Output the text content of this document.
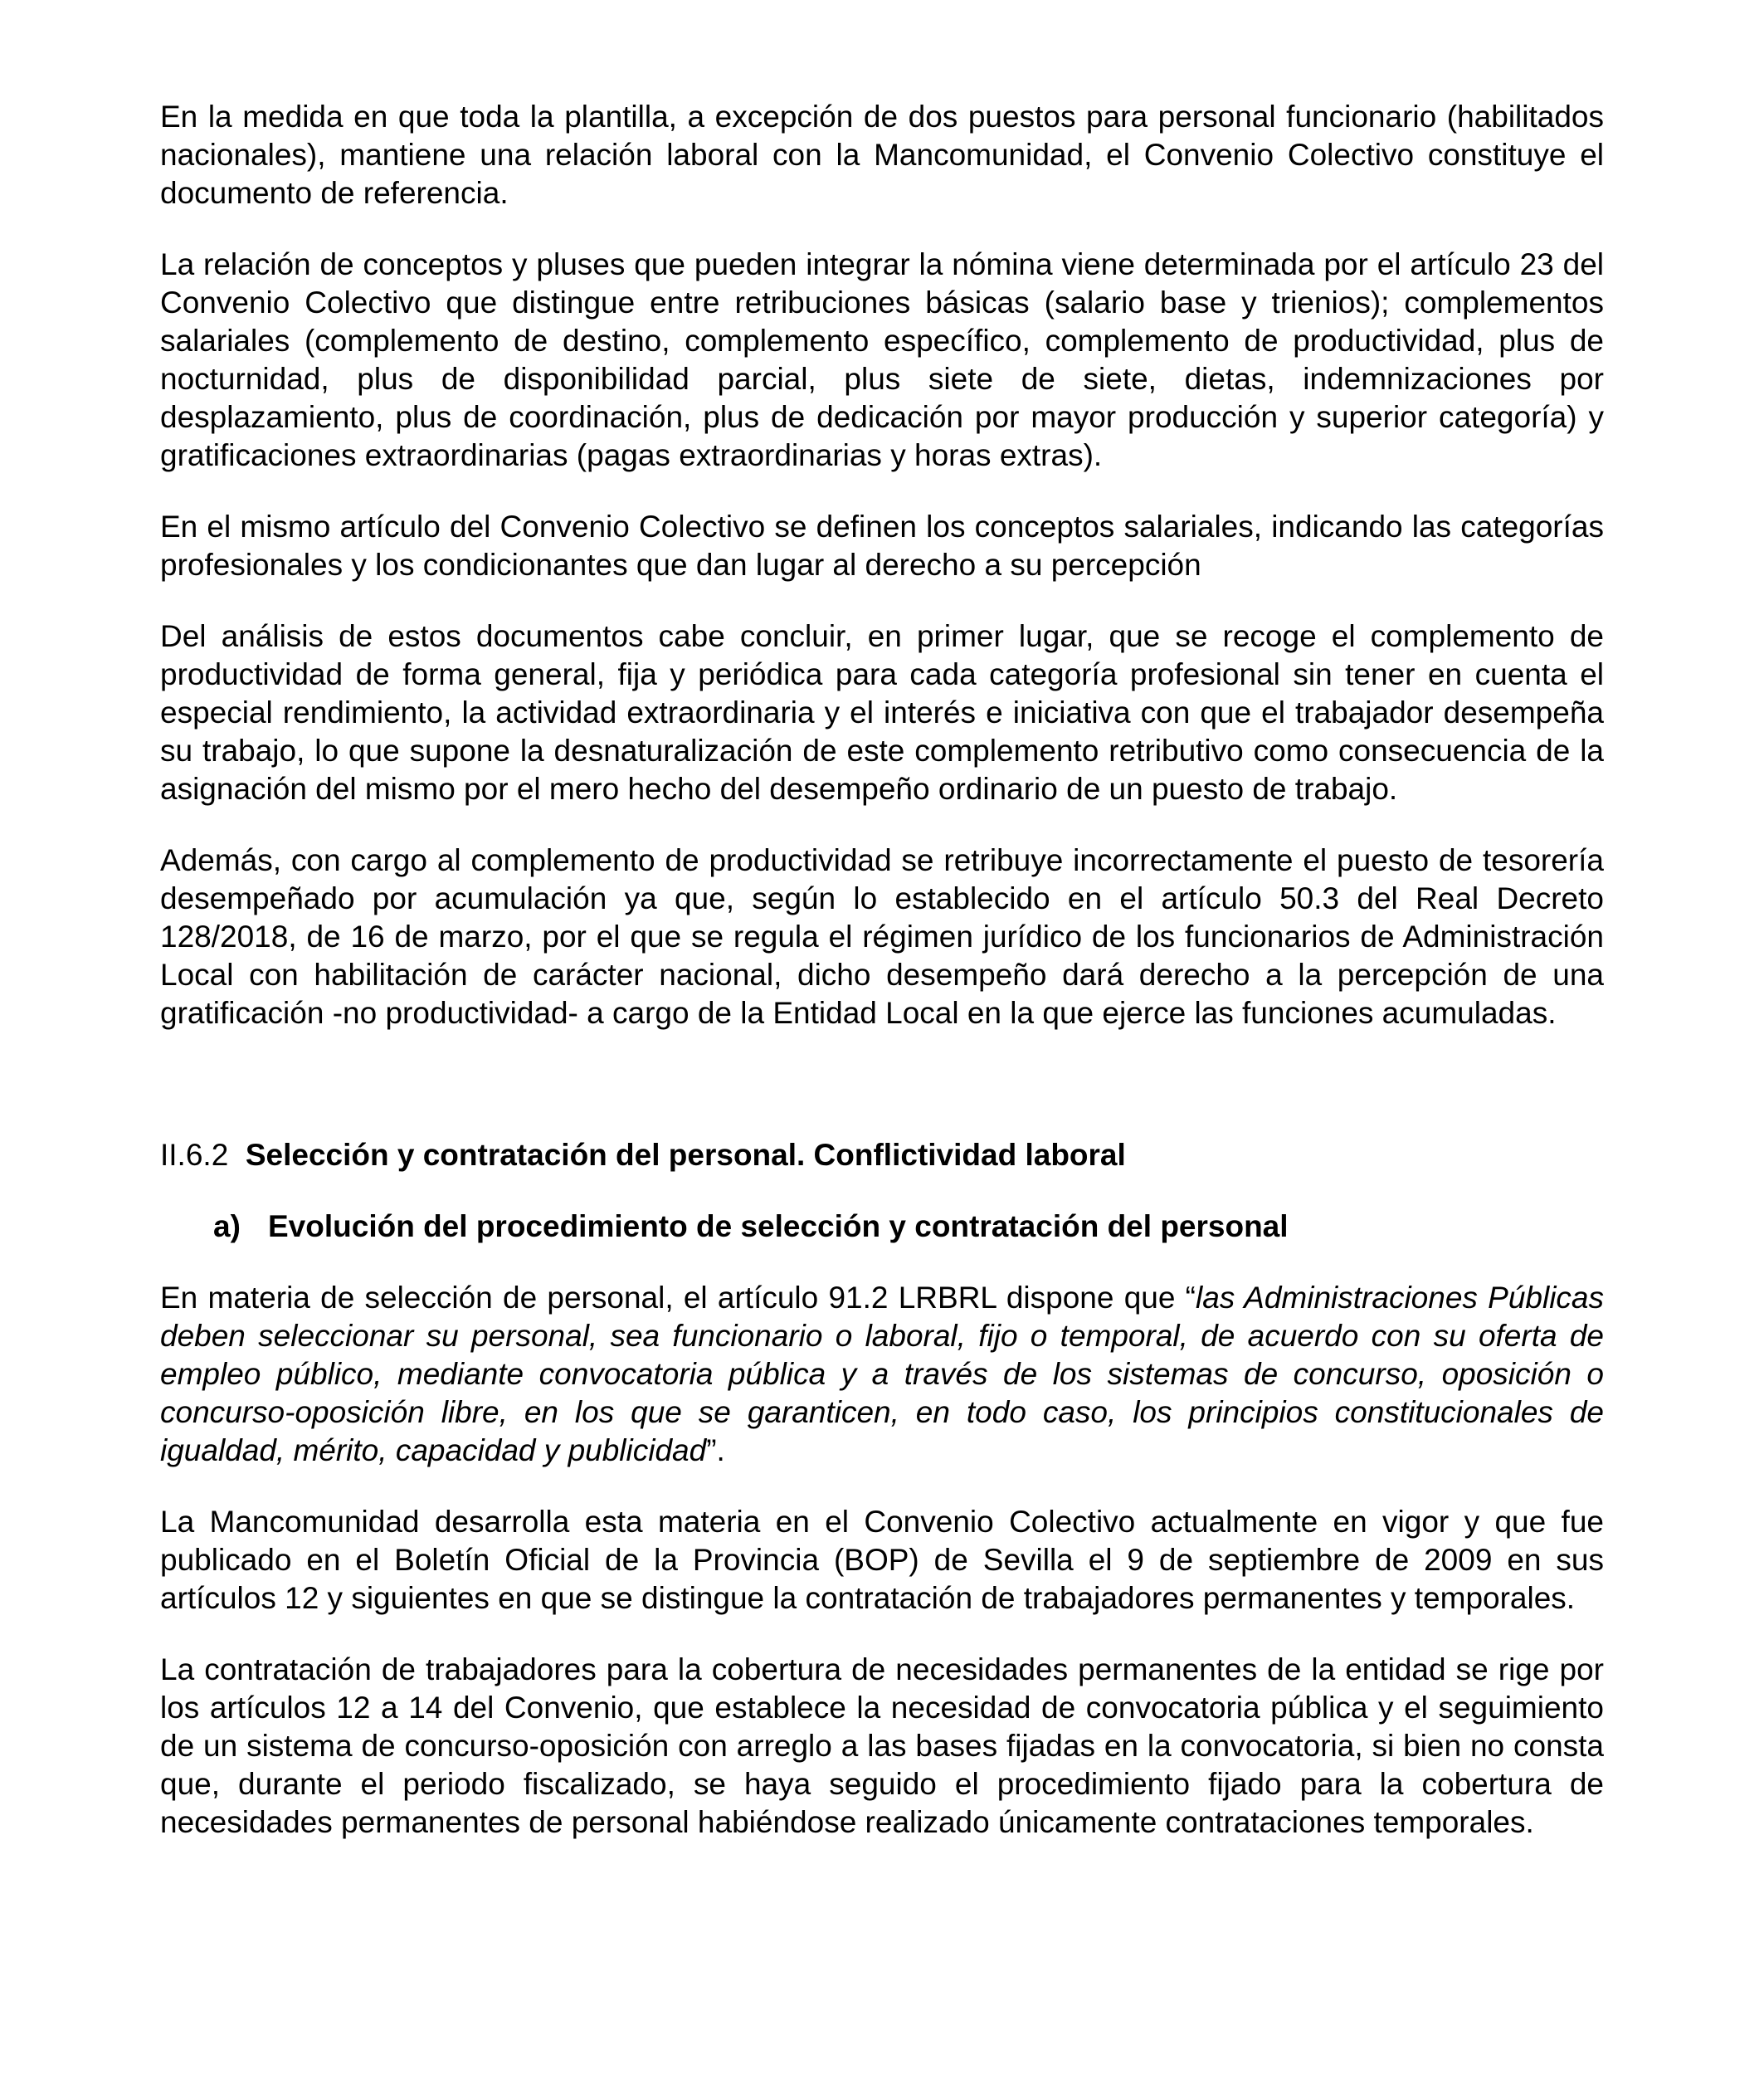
En la medida en que toda la plantilla, a excepción de dos puestos para personal funcionario (habilitados nacionales), mantiene una relación laboral con la Mancomunidad, el Convenio Colectivo constituye el documento de referencia.

La relación de conceptos y pluses que pueden integrar la nómina viene determinada por el artículo 23 del Convenio Colectivo que distingue entre retribuciones básicas (salario base y trienios); complementos salariales (complemento de destino, complemento específico, complemento de productividad, plus de nocturnidad, plus de disponibilidad parcial, plus siete de siete, dietas, indemnizaciones por desplazamiento, plus de coordinación, plus de dedicación por mayor producción y superior categoría) y gratificaciones extraordinarias (pagas extraordinarias y horas extras).

En el mismo artículo del Convenio Colectivo se definen los conceptos salariales, indicando las categorías profesionales y los condicionantes que dan lugar al derecho a su percepción

Del análisis de estos documentos cabe concluir, en primer lugar, que se recoge el complemento de productividad de forma general, fija y periódica para cada categoría profesional sin tener en cuenta el especial rendimiento, la actividad extraordinaria y el interés e iniciativa con que el trabajador desempeña su trabajo, lo que supone la desnaturalización de este complemento retributivo como consecuencia de la asignación del mismo por el mero hecho del desempeño ordinario de un puesto de trabajo.

Además, con cargo al complemento de productividad se retribuye incorrectamente el puesto de tesorería desempeñado por acumulación ya que, según lo establecido en el artículo 50.3 del Real Decreto 128/2018, de 16 de marzo, por el que se regula el régimen jurídico de los funcionarios de Administración Local con habilitación de carácter nacional, dicho desempeño dará derecho a la percepción de una gratificación -no productividad- a cargo de la Entidad Local en la que ejerce las funciones acumuladas.

II.6.2 Selección y contratación del personal. Conflictividad laboral
a) Evolución del procedimiento de selección y contratación del personal

En materia de selección de personal, el artículo 91.2 LRBRL dispone que “las Administraciones Públicas deben seleccionar su personal, sea funcionario o laboral, fijo o temporal, de acuerdo con su oferta de empleo público, mediante convocatoria pública y a través de los sistemas de concurso, oposición o concurso-oposición libre, en los que se garanticen, en todo caso, los principios constitucionales de igualdad, mérito, capacidad y publicidad”.

La Mancomunidad desarrolla esta materia en el Convenio Colectivo actualmente en vigor y que fue publicado en el Boletín Oficial de la Provincia (BOP) de Sevilla el 9 de septiembre de 2009 en sus artículos 12 y siguientes en que se distingue la contratación de trabajadores permanentes y temporales.

La contratación de trabajadores para la cobertura de necesidades permanentes de la entidad se rige por los artículos 12 a 14 del Convenio, que establece la necesidad de convocatoria pública y el seguimiento de un sistema de concurso-oposición con arreglo a las bases fijadas en la convocatoria, si bien no consta que, durante el periodo fiscalizado, se haya seguido el procedimiento fijado para la cobertura de necesidades permanentes de personal habiéndose realizado únicamente contrataciones temporales.
